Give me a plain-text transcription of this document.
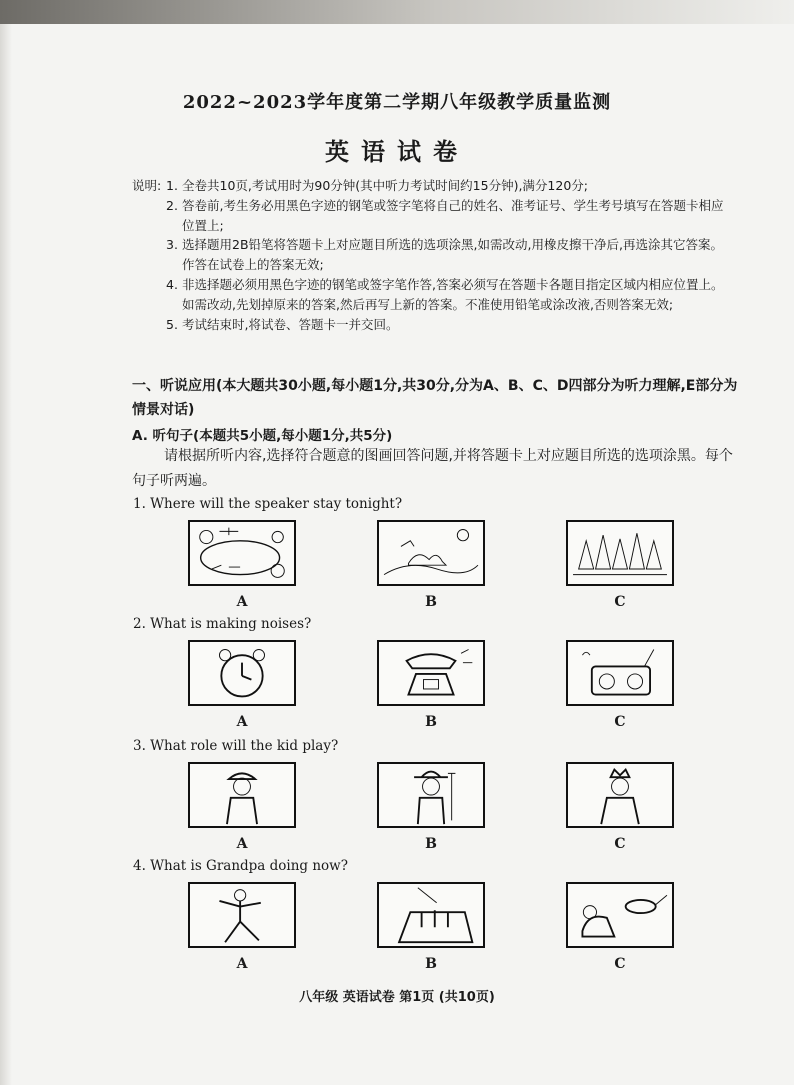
2022~2023学年度第二学期八年级教学质量监测
英语试卷
说明: 1. 全卷共10页,考试用时为90分钟(其中听力考试时间约15分钟),满分120分;
2. 答卷前,考生务必用黑色字迹的钢笔或签字笔将自己的姓名、准考证号、学生考号填写在答题卡相应位置上;
3. 选择题用2B铅笔将答题卡上对应题目所选的选项涂黑,如需改动,用橡皮擦干净后,再选涂其它答案。作答在试卷上的答案无效;
4. 非选择题必须用黑色字迹的钢笔或签字笔作答,答案必须写在答题卡各题目指定区域内相应位置上。如需改动,先划掉原来的答案,然后再写上新的答案。不准使用铅笔或涂改液,否则答案无效;
5. 考试结束时,将试卷、答题卡一并交回。
一、听说应用(本大题共30小题,每小题1分,共30分,分为A、B、C、D四部分为听力理解,E部分为情景对话)
A. 听句子(本题共5小题,每小题1分,共5分)
请根据所听内容,选择符合题意的图画回答问题,并将答题卡上对应题目所选的选项涂黑。每个句子听两遍。
1. Where will the speaker stay tonight?
A	B	C
2. What is making noises?
A	B	C
3. What role will the kid play?
A	B	C
4. What is Grandpa doing now?
A	B	C
八年级 英语试卷 第1页 (共10页)
